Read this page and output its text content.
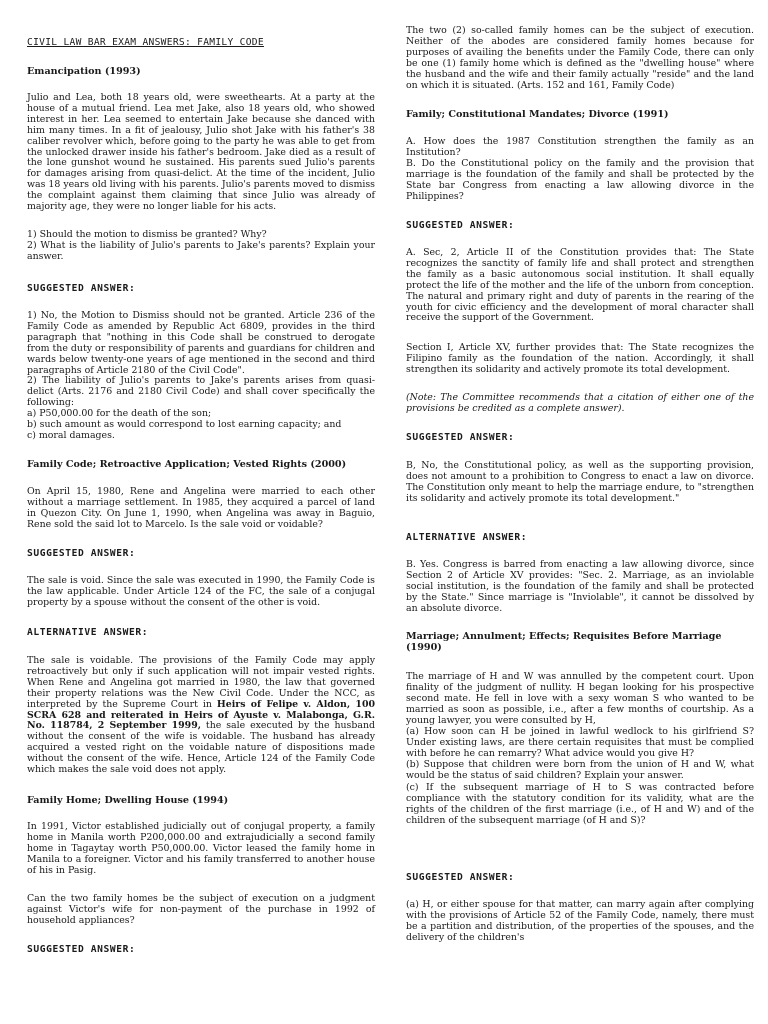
CIVIL LAW BAR EXAM ANSWERS: FAMILY CODE
Emancipation (1993)

Julio and Lea, both 18 years old, were sweethearts. At a party at the house of a mutual friend. Lea met Jake, also 18 years old, who showed interest in her. Lea seemed to entertain Jake because she danced with him many times. In a fit of jealousy, Julio shot Jake with his father's 38 caliber revolver which, before going to the party he was able to get from the unlocked drawer inside his father's bedroom. Jake died as a result of the lone gunshot wound he sustained. His parents sued Julio's parents for damages arising from quasi-delict. At the time of the incident, Julio was 18 years old living with his parents. Julio's parents moved to dismiss the complaint against them claiming that since Julio was already of majority age, they were no longer liable for his acts.

1) Should the motion to dismiss be granted? Why?

2) What is the liability of Julio's parents to Jake's parents? Explain your answer.

SUGGESTED ANSWER:

1) No, the Motion to Dismiss should not be granted. Article 236 of the Family Code as amended by Republic Act 6809, provides in the third paragraph that "nothing in this Code shall be construed to derogate from the duty or responsibility of parents and guardians for children and wards below twenty-one years of age mentioned in the second and third paragraphs of Article 2180 of the Civil Code".

2) The liability of Julio's parents to Jake's parents arises from quasi-delict (Arts. 2176 and 2180 Civil Code) and shall cover specifically the following:

a) P50,000.00 for the death of the son;

b) such amount as would correspond to lost earning capacity; and

c) moral damages.

Family Code; Retroactive Application; Vested Rights (2000)

On April 15, 1980, Rene and Angelina were married to each other without a marriage settlement. In 1985, they acquired a parcel of land in Quezon City. On June 1, 1990, when Angelina was away in Baguio, Rene sold the said lot to Marcelo. Is the sale void or voidable?

SUGGESTED ANSWER:

The sale is void. Since the sale was executed in 1990, the Family Code is the law applicable. Under Article 124 of the FC, the sale of a conjugal property by a spouse without the consent of the other is void.

ALTERNATIVE ANSWER:

The sale is voidable. The provisions of the Family Code may apply retroactively but only if such application will not impair vested rights. When Rene and Angelina got married in 1980, the law that governed their property relations was the New Civil Code. Under the NCC, as interpreted by the Supreme Court in Heirs of Felipe v. Aldon, 100 SCRA 628 and reiterated in Heirs of Ayuste v. Malabonga, G.R. No. 118784, 2 September 1999, the sale executed by the husband without the consent of the wife is voidable. The husband has already acquired a vested right on the voidable nature of dispositions made without the consent of the wife. Hence, Article 124 of the Family Code which makes the sale void does not apply.

Family Home; Dwelling House (1994)

In 1991, Victor established judicially out of conjugal property, a family home in Manila worth P200,000.00 and extrajudicially a second family home in Tagaytay worth P50,000.00. Victor leased the family home in Manila to a foreigner. Victor and his family transferred to another house of his in Pasig.

Can the two family homes be the subject of execution on a judgment against Victor's wife for non-payment of the purchase in 1992 of household appliances?

SUGGESTED ANSWER:

The two (2) so-called family homes can be the subject of execution. Neither of the abodes are considered family homes because for purposes of availing the benefits under the Family Code, there can only be one (1) family home which is defined as the "dwelling house" where the husband and the wife and their family actually "reside" and the land on which it is situated. (Arts. 152 and 161, Family Code)

Family; Constitutional Mandates; Divorce (1991)

A. How does the 1987 Constitution strengthen the family as an Institution?

B. Do the Constitutional policy on the family and the provision that marriage is the foundation of the family and shall be protected by the State bar Congress from enacting a law allowing divorce in the Philippines?

SUGGESTED ANSWER:

A. Sec, 2, Article II of the Constitution provides that: The State recognizes the sanctity of family life and shall protect and strengthen the family as a basic autonomous social institution. It shall equally protect the life of the mother and the life of the unborn from conception. The natural and primary right and duty of parents in the rearing of the youth for civic efficiency and the development of moral character shall receive the support of the Government.

Section I, Article XV, further provides that: The State recognizes the Filipino family as the foundation of the nation. Accordingly, it shall strengthen its solidarity and actively promote its total development.

(Note: The Committee recommends that a citation of either one of the provisions be credited as a complete answer).

SUGGESTED ANSWER:

B, No, the Constitutional policy, as well as the supporting provision, does not amount to a prohibition to Congress to enact a law on divorce. The Constitution only meant to help the marriage endure, to "strengthen its solidarity and actively promote its total development."

ALTERNATIVE ANSWER:

B. Yes. Congress is barred from enacting a law allowing divorce, since Section 2 of Article XV provides: "Sec. 2. Marriage, as an inviolable social institution, is the foundation of the family and shall be protected by the State." Since marriage is "Inviolable", it cannot be dissolved by an absolute divorce.

Marriage; Annulment; Effects; Requisites Before Marriage (1990)

The marriage of H and W was annulled by the competent court. Upon finality of the judgment of nullity. H began looking for his prospective second mate. He fell in love with a sexy woman S who wanted to be married as soon as possible, i.e., after a few months of courtship. As a young lawyer, you were consulted by H,

(a) How soon can H be joined in lawful wedlock to his girlfriend S? Under existing laws, are there certain requisites that must be complied with before he can remarry? What advice would you give H?

(b) Suppose that children were born from the union of H and W, what would be the status of said children? Explain your answer.

(c) If the subsequent marriage of H to S was contracted before compliance with the statutory condition for its validity, what are the rights of the children of the first marriage (i.e., of H and W) and of the children of the subsequent marriage (of H and S)?

SUGGESTED ANSWER:

(a) H, or either spouse for that matter, can marry again after complying with the provisions of Article 52 of the Family Code, namely, there must be a partition and distribution, of the properties of the spouses, and the delivery of the children's
